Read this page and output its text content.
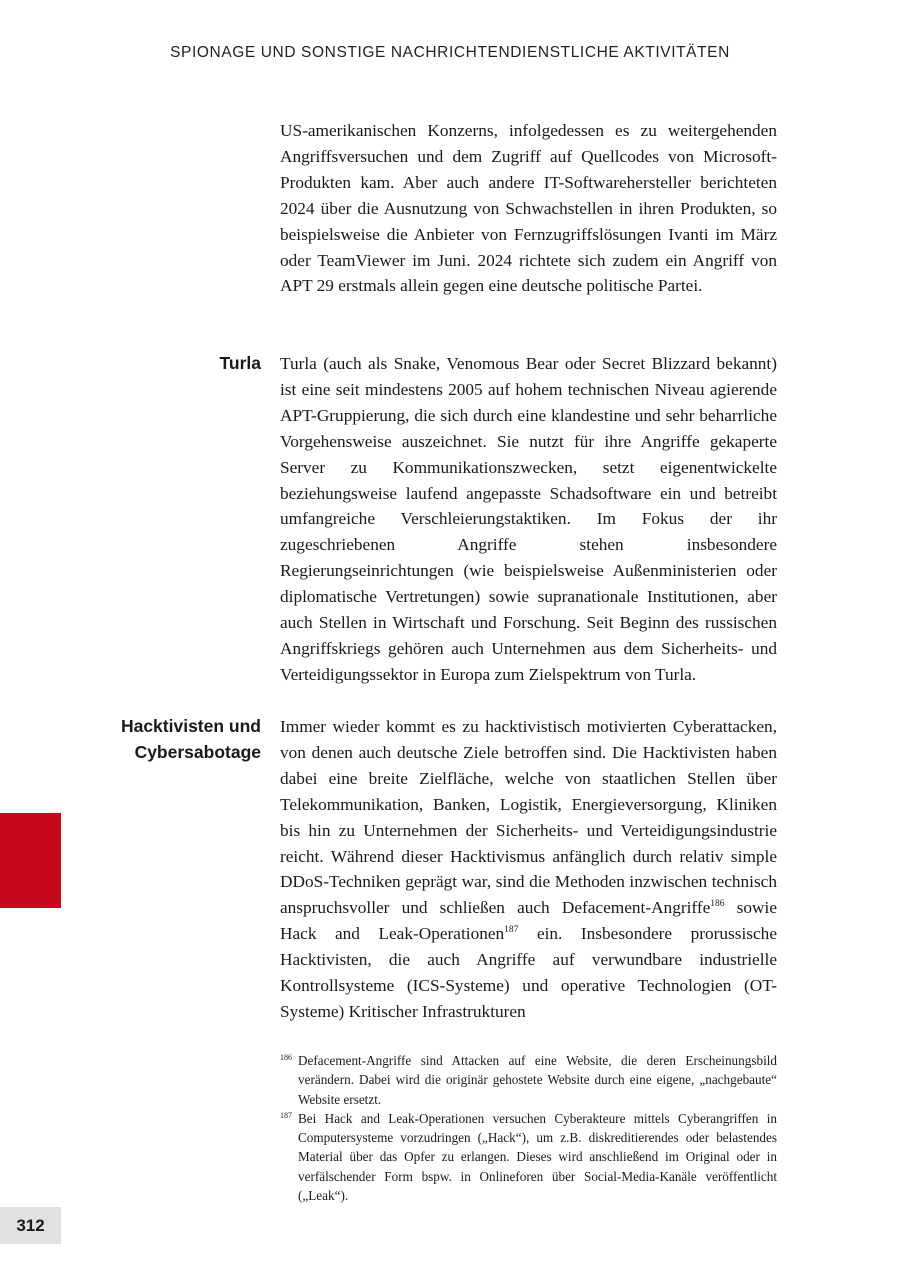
SPIONAGE UND SONSTIGE NACHRICHTENDIENSTLICHE AKTIVITÄTEN

US-amerikanischen Konzerns, infolgedessen es zu weitergehenden Angriffsversuchen und dem Zugriff auf Quellcodes von Microsoft-Produkten kam. Aber auch andere IT-Softwarehersteller berichteten 2024 über die Ausnutzung von Schwachstellen in ihren Produkten, so beispielsweise die Anbieter von Fernzugriffslösungen Ivanti im März oder TeamViewer im Juni. 2024 richtete sich zudem ein Angriff von APT 29 erstmals allein gegen eine deutsche politische Partei.

Turla Turla (auch als Snake, Venomous Bear oder Secret Blizzard bekannt) ist eine seit mindestens 2005 auf hohem technischen Niveau agierende APT-Gruppierung, die sich durch eine klandestine und sehr beharrliche Vorgehensweise auszeichnet. Sie nutzt für ihre Angriffe gekaperte Server zu Kommunikationszwecken, setzt eigenentwickelte beziehungsweise laufend angepasste Schadsoftware ein und betreibt umfangreiche Verschleierungstaktiken. Im Fokus der ihr zugeschriebenen Angriffe stehen insbesondere Regierungseinrichtungen (wie beispielsweise Außenministerien oder diplomatische Vertretungen) sowie supranationale Institutionen, aber auch Stellen in Wirtschaft und Forschung. Seit Beginn des russischen Angriffskriegs gehören auch Unternehmen aus dem Sicherheits- und Verteidigungssektor in Europa zum Zielspektrum von Turla.

Hacktivisten und
Cybersabotage

Immer wieder kommt es zu hacktivistisch motivierten Cyberattacken, von denen auch deutsche Ziele betroffen sind. Die Hacktivisten haben dabei eine breite Zielfläche, welche von staatlichen Stellen über Telekommunikation, Banken, Logistik, Energieversorgung, Kliniken bis hin zu Unternehmen der Sicherheits- und Verteidigungsindustrie reicht. Während dieser Hacktivismus anfänglich durch relativ simple DDoS-Techniken geprägt war, sind die Methoden inzwischen technisch anspruchsvoller und schließen auch Defacement-Angriffe$^{186}$ sowie Hack and Leak-Operationen$^{187}$ ein. Insbesondere prorussische Hacktivisten, die auch Angriffe auf verwundbare industrielle Kontrollsysteme (ICS-Systeme) und operative Technologien (OT-Systeme) Kritischer Infrastrukturen

186 Defacement-Angriffe sind Attacken auf eine Website, die deren Erscheinungsbild verändern. Dabei wird die originär gehostete Website durch eine eigene, „nachgebaute“ Website ersetzt.
187 Bei Hack and Leak-Operationen versuchen Cyberakteure mittels Cyberangriffen in Computersysteme vorzudringen („Hack“), um z.B. diskreditierendes oder belastendes Material über das Opfer zu erlangen. Dieses wird anschließend im Original oder in verfälschender Form bspw. in Onlineforen über Social-Media-Kanäle veröffentlicht („Leak“).
312
